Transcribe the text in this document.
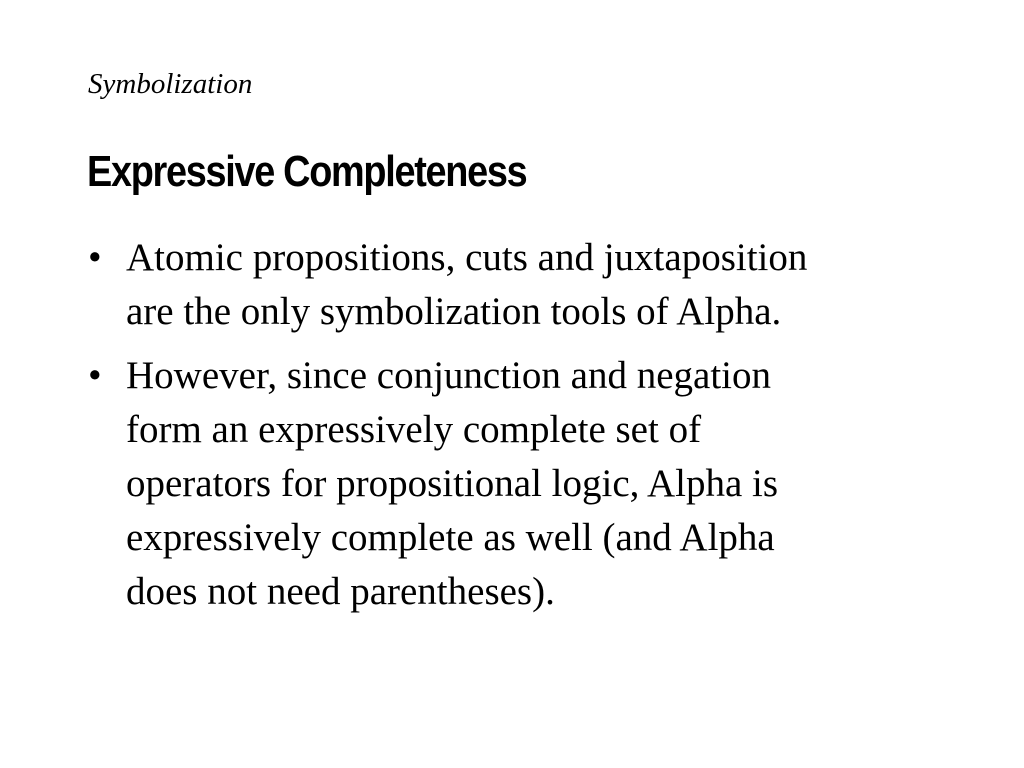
Symbolization
Expressive Completeness
• Atomic propositions, cuts and juxtaposition
are the only symbolization tools of Alpha.
• However, since conjunction and negation
form an expressively complete set of
operators for propositional logic, Alpha is
expressively complete as well (and Alpha
does not need parentheses).
